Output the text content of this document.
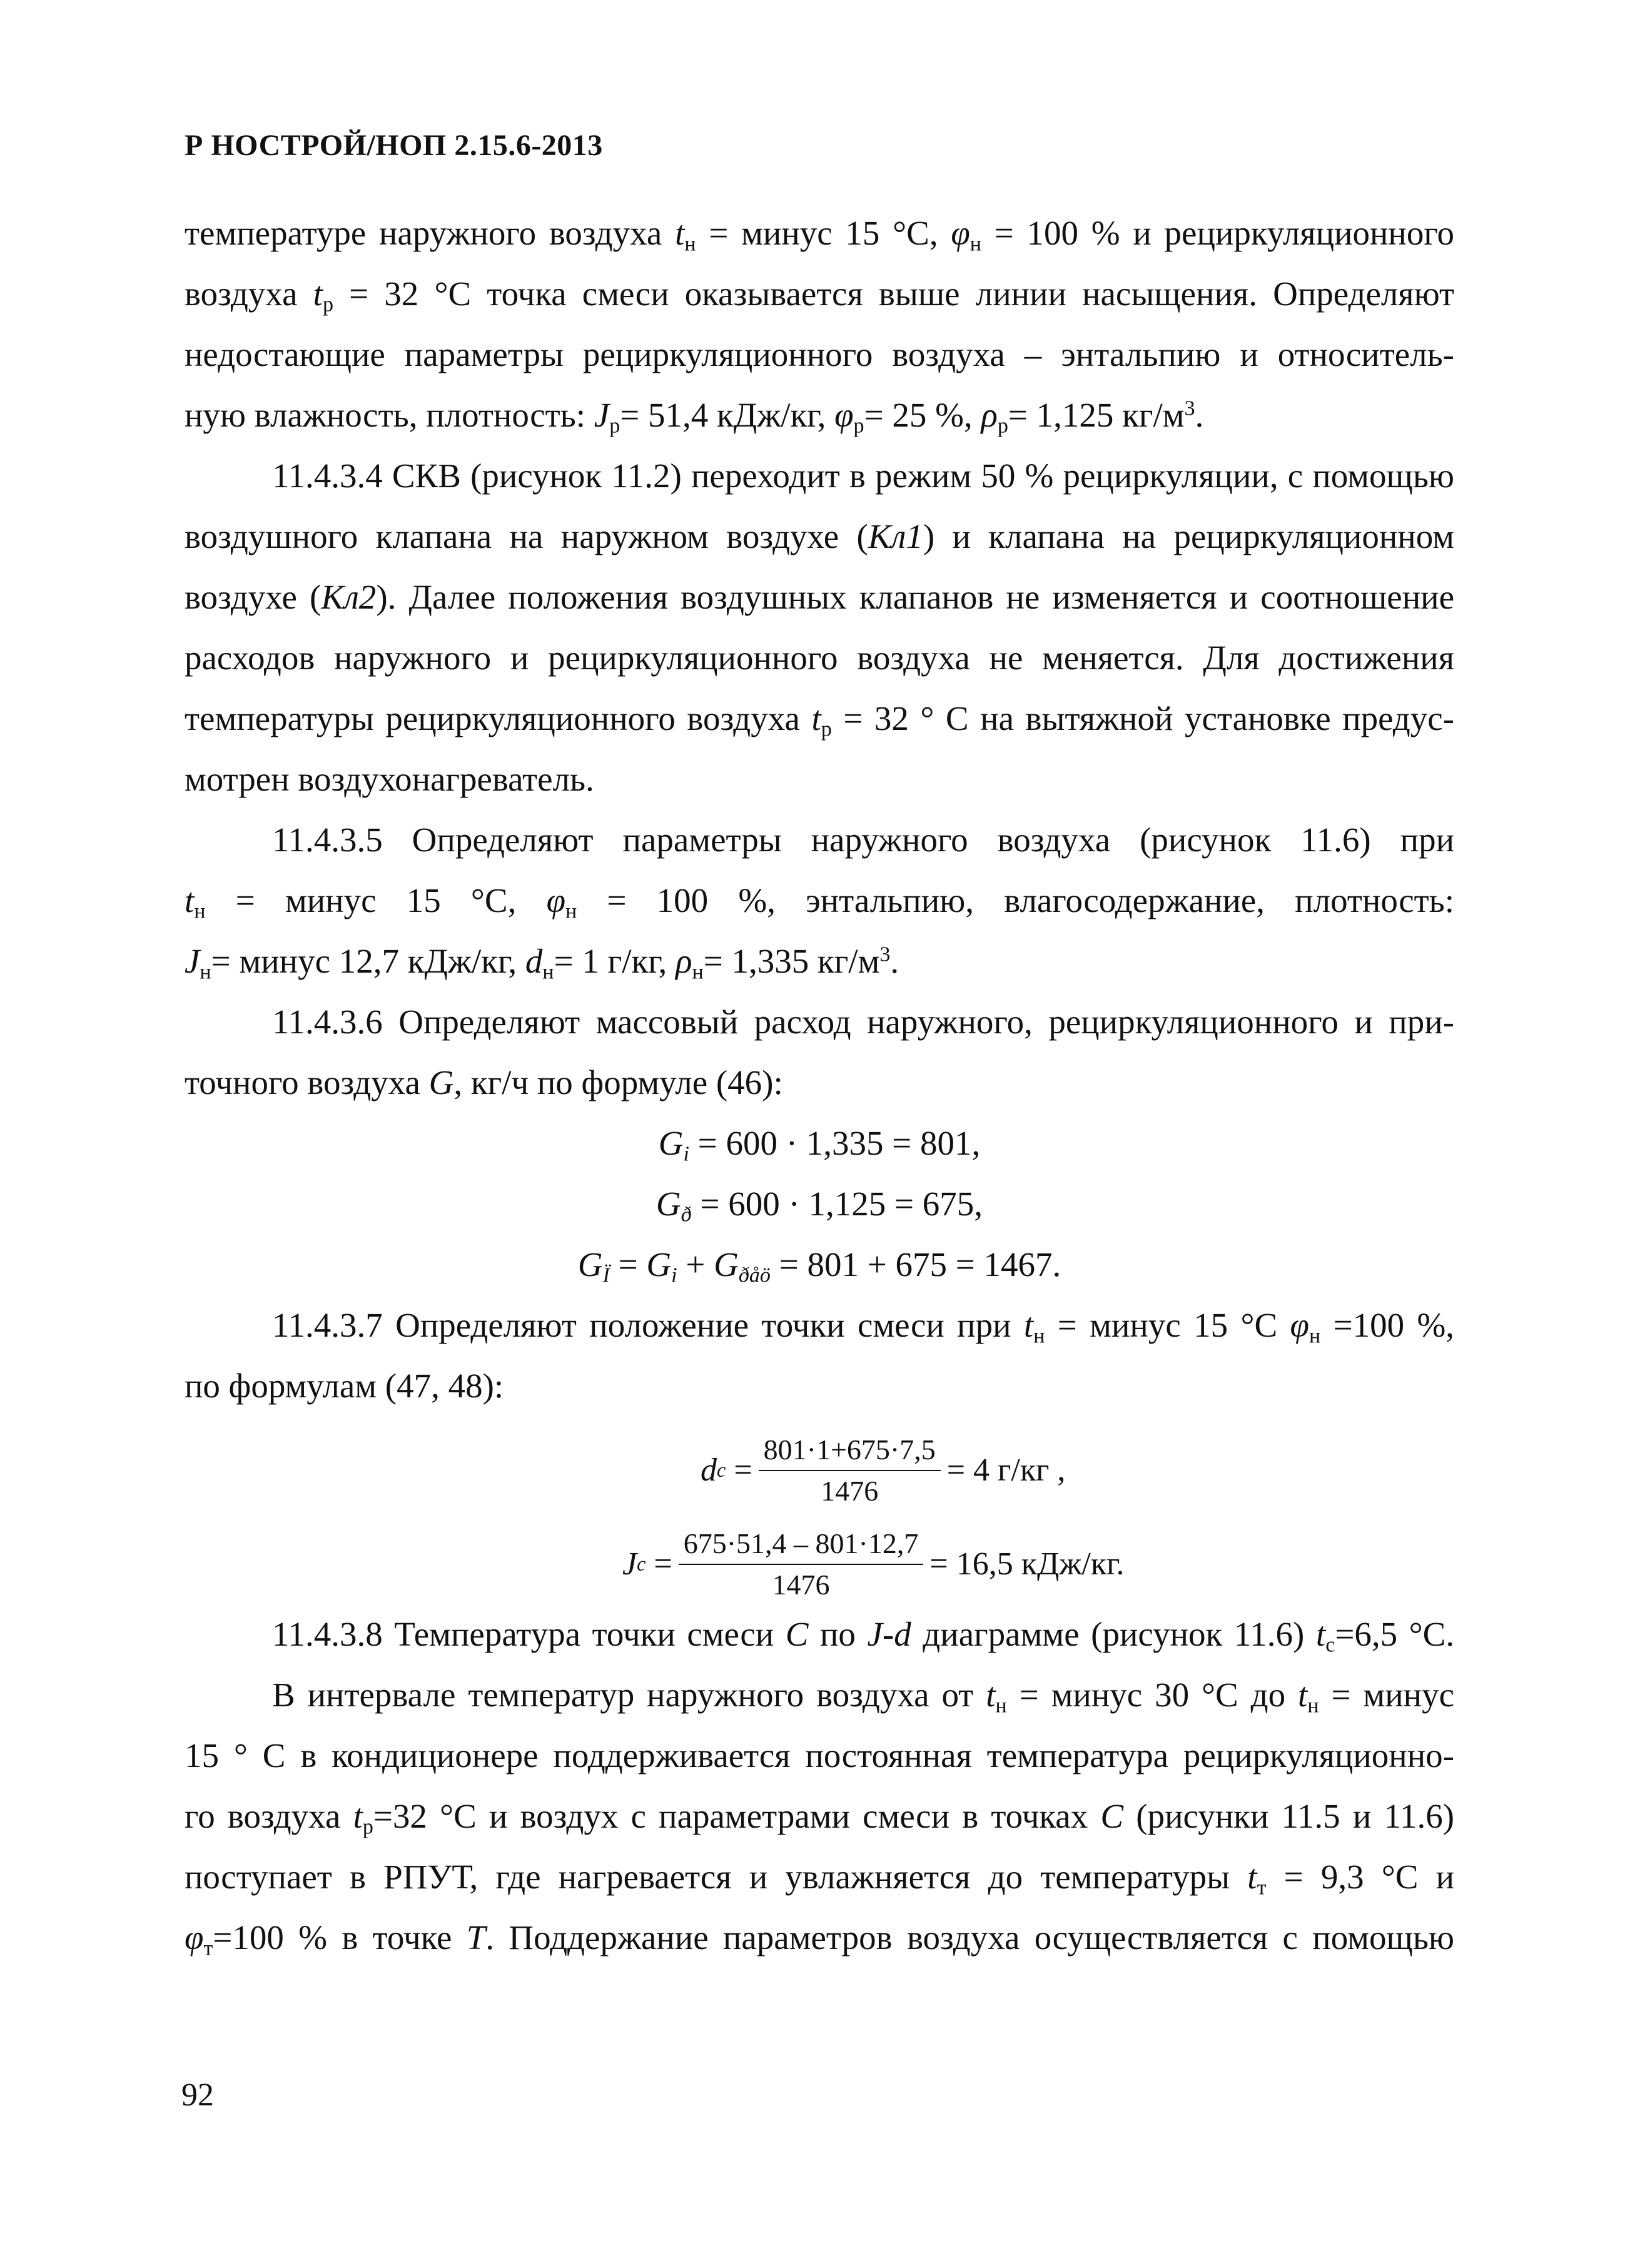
Р НОСТРОЙ/НОП 2.15.6-2013
температуре наружного воздуха $t_н$ = минус 15 °С, $\varphi_н = 100$ % и рециркуляционного
воздуха $t_р = 32$ °С точка смеси оказывается выше линии насыщения. Определяют
недостающие параметры рециркуляционного воздуха – энтальпию и относитель-
ную влажность, плотность: $J_р= 51,4$ кДж/кг, $\varphi_р= 25$ %, $\rho_р= 1,125$ $кг/м^3$.
11.4.3.4 СКВ (рисунок 11.2) переходит в режим 50 % рециркуляции, с помощью
воздушного клапана на наружном воздухе (Кл1) и клапана на рециркуляционном
воздухе (Кл2). Далее положения воздушных клапанов не изменяется и соотношение
расходов наружного и рециркуляционного воздуха не меняется. Для достижения
температуры рециркуляционного воздуха $t_р = 32$ ° С на вытяжной установке предус-
мотрен воздухонагреватель.
11.4.3.5 Определяют параметры наружного воздуха (рисунок 11.6) при
$t_н$ = минус 15 °С, $\varphi_н = 100$ %, энтальпию, влагосодержание, плотность:
$J_н=$ минус 12,7 кДж/кг, $d_н= 1$ г/кг, $\rho_н= 1,335$ $кг/м^3$.
11.4.3.6 Определяют массовый расход наружного, рециркуляционного и при-
точного воздуха G, кг/ч по формуле (46):
$G_i = 600 \cdot 1,335 = 801$,
$G_ð = 600 \cdot 1,125 = 675$,
$G_Ï = G_i + G_{ðåö} = 801 + 675 = 1467$.
11.4.3.7 Определяют положение точки смеси при $t_н$ = минус 15 °С $\varphi_н =100$ %,
по формулам (47, 48):
d $с = \frac{801\cdot 1+675\cdot 7,5}{1476} = 4$ г/кг ,
J $с = \frac{675\cdot 51,4 - 801\cdot 12,7}{1476} = 16,5$ кДж/кг.
11.4.3.8 Температура точки смеси C по J-d диаграмме (рисунок 11.6) $t_с=6,5$ °С.
В интервале температур наружного воздуха от $t_н$ = минус 30 °С до $t_н$ = минус
15 ° С в кондиционере поддерживается постоянная температура рециркуляционно-
го воздуха $t_р=32$ °С и воздух с параметрами смеси в точках C (рисунки 11.5 и 11.6)
поступает в РПУТ, где нагревается и увлажняется до температуры $t_т = 9,3$ °С и
$\varphi_т=100$ % в точке T. Поддержание параметров воздуха осуществляется с помощью
92
